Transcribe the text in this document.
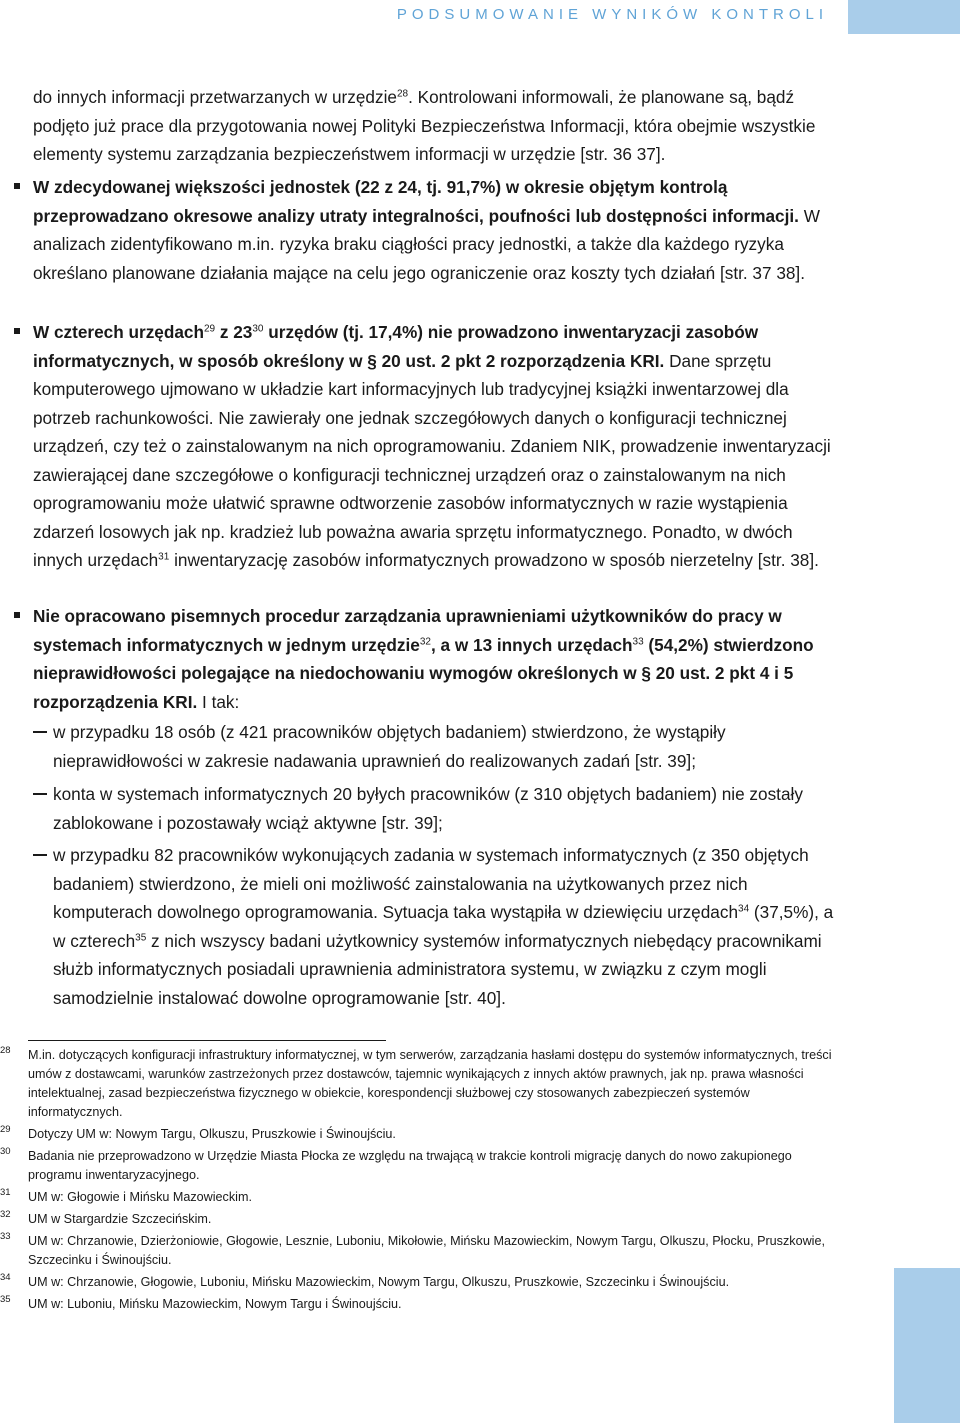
PODSUMOWANIE WYNIKÓW KONTROLI

do innych informacji przetwarzanych w urzędzie$^{28}$. Kontrolowani informowali, że planowane są, bądź podjęto już prace dla przygotowania nowej Polityki Bezpieczeństwa Informacji, która obejmie wszystkie elementy systemu zarządzania bezpieczeństwem informacji w urzędzie [str. 36 37].

W zdecydowanej większości jednostek (22 z 24, tj. 91,7%) w okresie objętym kontrolą przeprowadzano okresowe analizy utraty integralności, poufności lub dostępności informacji. W analizach zidentyfikowano m.in. ryzyka braku ciągłości pracy jednostki, a także dla każdego ryzyka określano planowane działania mające na celu jego ograniczenie oraz koszty tych działań [str. 37 38].
W czterech urzędach$^{29}$ z $23^{30}$ urzędów (tj. 17,4%) nie prowadzono inwentaryzacji zasobów informatycznych, w sposób określony w § 20 ust. 2 pkt 2 rozporządzenia KRI. Dane sprzętu komputerowego ujmowano w układzie kart informacyjnych lub tradycyjnej książki inwentarzowej dla potrzeb rachunkowości. Nie zawierały one jednak szczegółowych danych o konfiguracji technicznej urządzeń, czy też o zainstalowanym na nich oprogramowaniu. Zdaniem NIK, prowadzenie inwentaryzacji zawierającej dane szczegółowe o konfiguracji technicznej urządzeń oraz o zainstalowanym na nich oprogramowaniu może ułatwić sprawne odtworzenie zasobów informatycznych w razie wystąpienia zdarzeń losowych jak np. kradzież lub poważna awaria sprzętu informatycznego. Ponadto, w dwóch innych urzędach$^{31}$ inwentaryzację zasobów informatycznych prowadzono w sposób nierzetelny [str. 38].
Nie opracowano pisemnych procedur zarządzania uprawnieniami użytkowników do pracy w systemach informatycznych w jednym urzędzie$^{32}$, a w 13 innych urzędach$^{33}$ (54,2%) stwierdzono nieprawidłowości polegające na niedochowaniu wymogów określonych w § 20 ust. 2 pkt 4 i 5 rozporządzenia KRI. I tak:
w przypadku 18 osób (z 421 pracowników objętych badaniem) stwierdzono, że wystąpiły nieprawidłowości w zakresie nadawania uprawnień do realizowanych zadań [str. 39];
konta w systemach informatycznych 20 byłych pracowników (z 310 objętych badaniem) nie zostały zablokowane i pozostawały wciąż aktywne [str. 39];
w przypadku 82 pracowników wykonujących zadania w systemach informatycznych (z 350 objętych badaniem) stwierdzono, że mieli oni możliwość zainstalowania na użytkowanych przez nich komputerach dowolnego oprogramowania. Sytuacja taka wystąpiła w dziewięciu urzędach$^{34}$ (37,5%), a w czterech$^{35}$ z nich wszyscy badani użytkownicy systemów informatycznych niebędący pracownikami służb informatycznych posiadali uprawnienia administratora systemu, w związku z czym mogli samodzielnie instalować dowolne oprogramowanie [str. 40].
28 M.in. dotyczących konfiguracji infrastruktury informatycznej, w tym serwerów, zarządzania hasłami dostępu do systemów informatycznych, treści umów z dostawcami, warunków zastrzeżonych przez dostawców, tajemnic wynikających z innych aktów prawnych, jak np. prawa własności intelektualnej, zasad bezpieczeństwa fizycznego w obiekcie, korespondencji służbowej czy stosowanych zabezpieczeń systemów informatycznych.
29 Dotyczy UM w: Nowym Targu, Olkuszu, Pruszkowie i Świnoujściu.
30 Badania nie przeprowadzono w Urzędzie Miasta Płocka ze względu na trwającą w trakcie kontroli migrację danych do nowo zakupionego programu inwentaryzacyjnego.
31 UM w: Głogowie i Mińsku Mazowieckim.
32 UM w Stargardzie Szczecińskim.
33 UM w: Chrzanowie, Dzierżoniowie, Głogowie, Lesznie, Luboniu, Mikołowie, Mińsku Mazowieckim, Nowym Targu, Olkuszu, Płocku, Pruszkowie, Szczecinku i Świnoujściu.
34 UM w: Chrzanowie, Głogowie, Luboniu, Mińsku Mazowieckim, Nowym Targu, Olkuszu, Pruszkowie, Szczecinku i Świnoujściu.
35 UM w: Luboniu, Mińsku Mazowieckim, Nowym Targu i Świnoujściu.
15
